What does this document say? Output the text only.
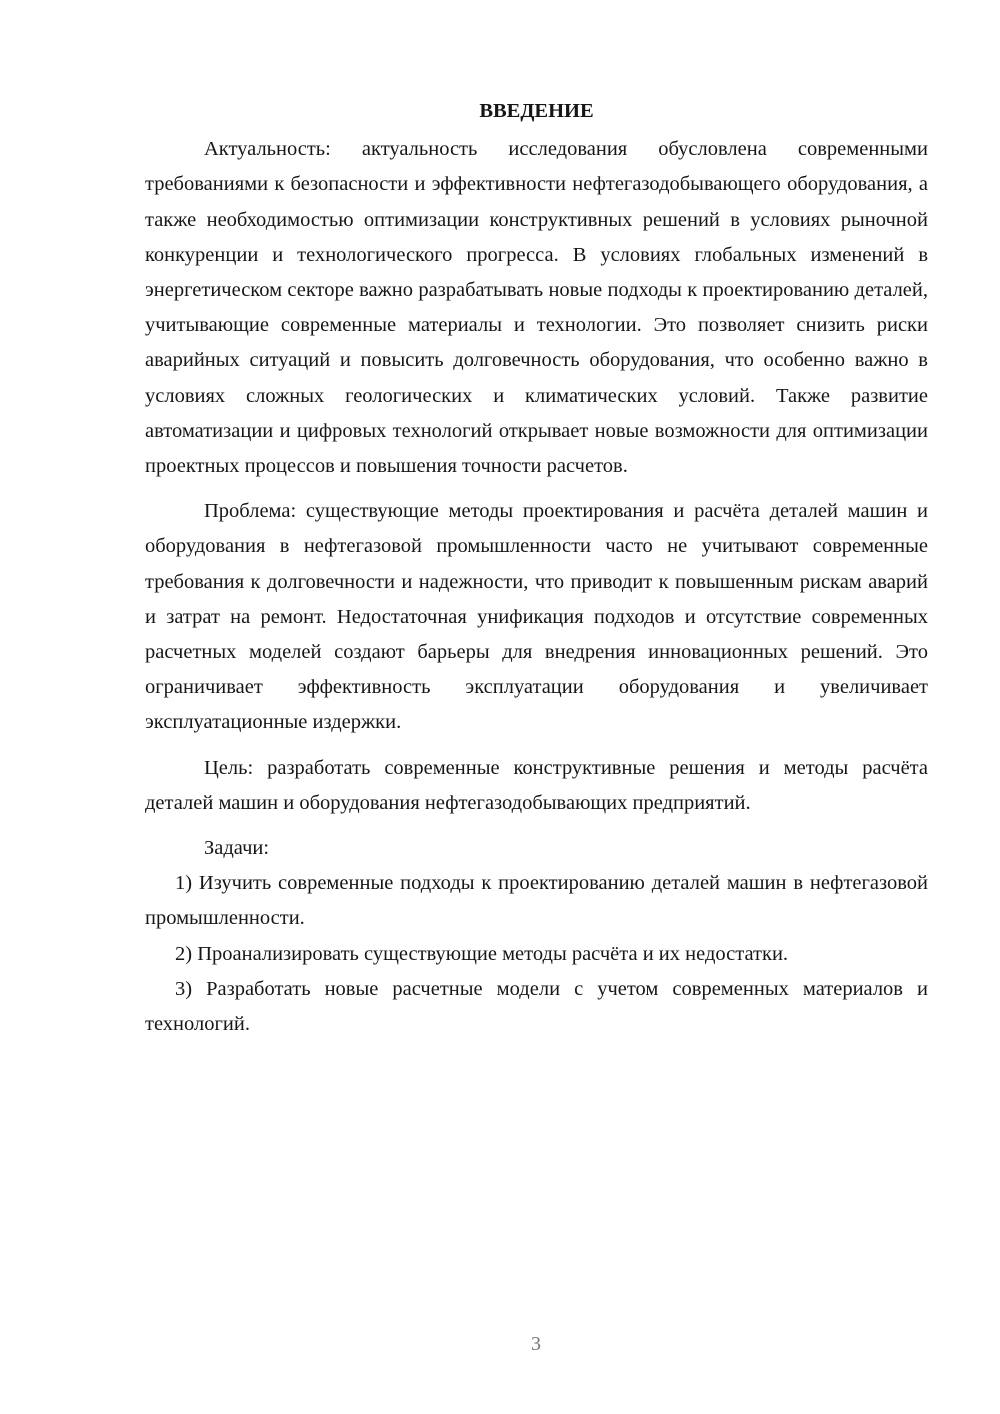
ВВЕДЕНИЕ

Актуальность: актуальность исследования обусловлена современными требованиями к безопасности и эффективности нефтегазодобывающего оборудования, а также необходимостью оптимизации конструктивных решений в условиях рыночной конкуренции и технологического прогресса. В условиях глобальных изменений в энергетическом секторе важно разрабатывать новые подходы к проектированию деталей, учитывающие современные материалы и технологии. Это позволяет снизить риски аварийных ситуаций и повысить долговечность оборудования, что особенно важно в условиях сложных геологических и климатических условий. Также развитие автоматизации и цифровых технологий открывает новые возможности для оптимизации проектных процессов и повышения точности расчетов.

Проблема: существующие методы проектирования и расчёта деталей машин и оборудования в нефтегазовой промышленности часто не учитывают современные требования к долговечности и надежности, что приводит к повышенным рискам аварий и затрат на ремонт. Недостаточная унификация подходов и отсутствие современных расчетных моделей создают барьеры для внедрения инновационных решений. Это ограничивает эффективность эксплуатации оборудования и увеличивает эксплуатационные издержки.

Цель: разработать современные конструктивные решения и методы расчёта деталей машин и оборудования нефтегазодобывающих предприятий.

Задачи:

1) Изучить современные подходы к проектированию деталей машин в нефтегазовой промышленности.

2) Проанализировать существующие методы расчёта и их недостатки.

3) Разработать новые расчетные модели с учетом современных материалов и технологий.

3
